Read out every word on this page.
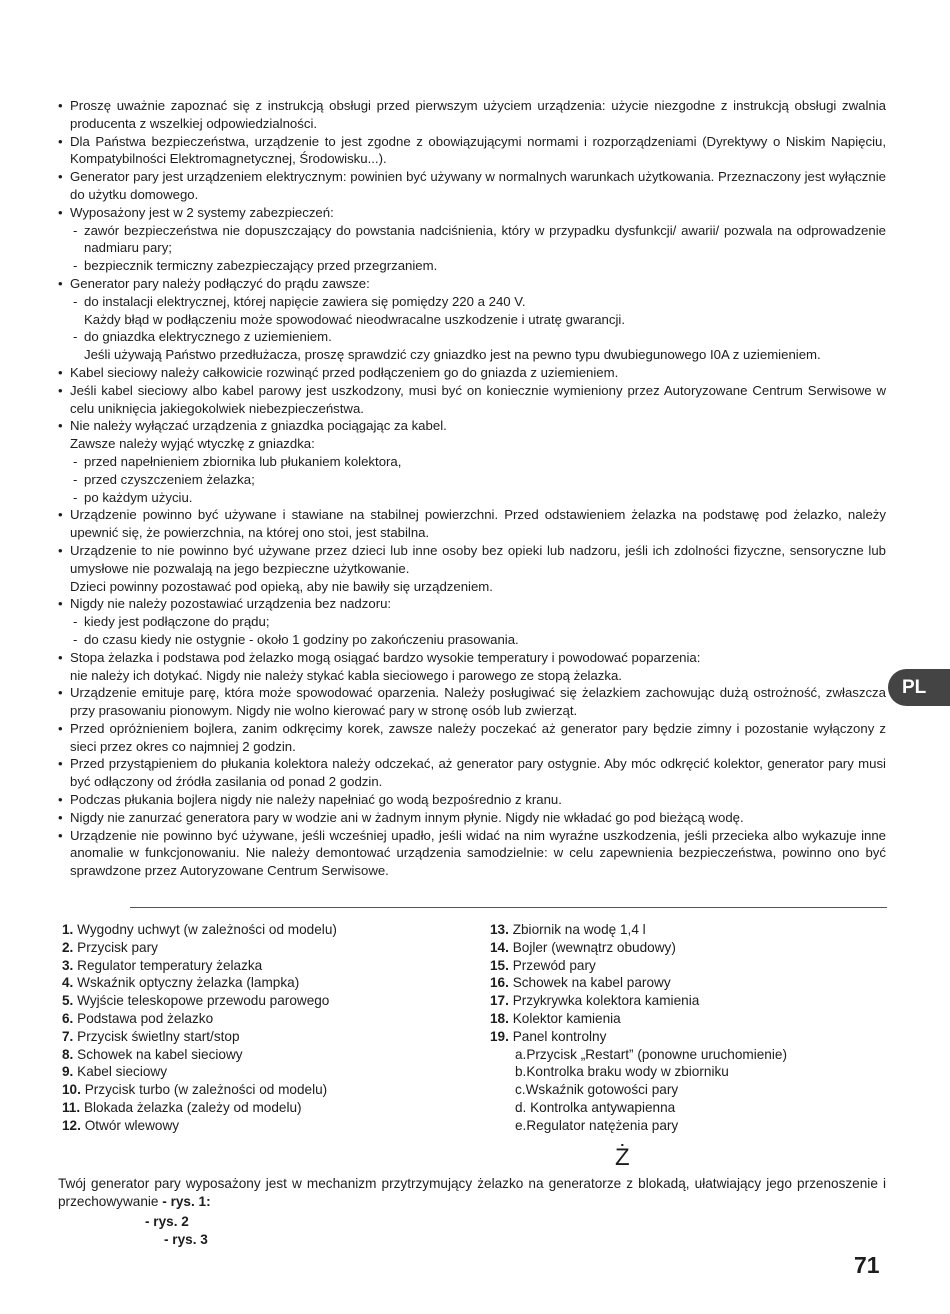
• Proszę uważnie zapoznać się z instrukcją obsługi przed pierwszym użyciem urządzenia: użycie niezgodne z instrukcją obsługi zwalnia producenta z wszelkiej odpowiedzialności.

• Dla Państwa bezpieczeństwa, urządzenie to jest zgodne z obowiązującymi normami i rozporządzeniami (Dyrektywy o Niskim Napięciu, Kompatybilności Elektromagnetycznej, Środowisku...).

• Generator pary jest urządzeniem elektrycznym: powinien być używany w normalnych warunkach użytkowania. Przeznaczony jest wyłącznie do użytku domowego.

• Wyposażony jest w 2 systemy zabezpieczeń:

- zawór bezpieczeństwa nie dopuszczający do powstania nadciśnienia, który w przypadku dysfunkcji/ awarii/ pozwala na odprowadzenie nadmiaru pary;

- bezpiecznik termiczny zabezpieczający przed przegrzaniem.

• Generator pary należy podłączyć do prądu zawsze:

- do instalacji elektrycznej, której napięcie zawiera się pomiędzy 220 a 240 V.

Każdy błąd w podłączeniu może spowodować nieodwracalne uszkodzenie i utratę gwarancji.

- do gniazdka elektrycznego z uziemieniem.

Jeśli używają Państwo przedłużacza, proszę sprawdzić czy gniazdko jest na pewno typu dwubiegunowego I0A z uziemieniem.

• Kabel sieciowy należy całkowicie rozwinąć przed podłączeniem go do gniazda z uziemieniem.

• Jeśli kabel sieciowy albo kabel parowy jest uszkodzony, musi być on koniecznie wymieniony przez Autoryzowane Centrum Serwisowe w celu uniknięcia jakiegokolwiek niebezpieczeństwa.

• Nie należy wyłączać urządzenia z gniazdka pociągając za kabel.

Zawsze należy wyjąć wtyczkę z gniazdka:

- przed napełnieniem zbiornika lub płukaniem kolektora,

- przed czyszczeniem żelazka;

- po każdym użyciu.

• Urządzenie powinno być używane i stawiane na stabilnej powierzchni. Przed odstawieniem żelazka na podstawę pod żelazko, należy upewnić się, że powierzchnia, na której ono stoi, jest stabilna.

• Urządzenie to nie powinno być używane przez dzieci lub inne osoby bez opieki lub nadzoru, jeśli ich zdolności fizyczne, sensoryczne lub umysłowe nie pozwalają na jego bezpieczne użytkowanie.

Dzieci powinny pozostawać pod opieką, aby nie bawiły się urządzeniem.

• Nigdy nie należy pozostawiać urządzenia bez nadzoru:

- kiedy jest podłączone do prądu;

- do czasu kiedy nie ostygnie - około 1 godziny po zakończeniu prasowania.

• Stopa żelazka i podstawa pod żelazko mogą osiągać bardzo wysokie temperatury i powodować poparzenia:

nie należy ich dotykać. Nigdy nie należy stykać kabla sieciowego i parowego ze stopą żelazka.

• Urządzenie emituje parę, która może spowodować oparzenia. Należy posługiwać się żelazkiem zachowując dużą ostrożność, zwłaszcza przy prasowaniu pionowym. Nigdy nie wolno kierować pary w stronę osób lub zwierząt.

• Przed opróżnieniem bojlera, zanim odkręcimy korek, zawsze należy poczekać aż generator pary będzie zimny i pozostanie wyłączony z sieci przez okres co najmniej 2 godzin.

• Przed przystąpieniem do płukania kolektora należy odczekać, aż generator pary ostygnie. Aby móc odkręcić kolektor, generator pary musi być odłączony od źródła zasilania od ponad 2 godzin.

• Podczas płukania bojlera nigdy nie należy napełniać go wodą bezpośrednio z kranu.

• Nigdy nie zanurzać generatora pary w wodzie ani w żadnym innym płynie. Nigdy nie wkładać go pod bieżącą wodę.

• Urządzenie nie powinno być używane, jeśli wcześniej upadło, jeśli widać na nim wyraźne uszkodzenia, jeśli przecieka albo wykazuje inne anomalie w funkcjonowaniu. Nie należy demontować urządzenia samodzielnie: w celu zapewnienia bezpieczeństwa, powinno ono być sprawdzone przez Autoryzowane Centrum Serwisowe.

1. Wygodny uchwyt (w zależności od modelu)

2. Przycisk pary

3. Regulator temperatury żelazka

4. Wskaźnik optyczny żelazka (lampka)

5. Wyjście teleskopowe przewodu parowego

6. Podstawa pod żelazko

7. Przycisk świetlny start/stop

8. Schowek na kabel sieciowy

9. Kabel sieciowy

10. Przycisk turbo (w zależności od modelu)

11. Blokada żelazka (zależy od modelu)

12. Otwór wlewowy

13. Zbiornik na wodę 1,4 l

14. Bojler (wewnątrz obudowy)

15. Przewód pary

16. Schowek na kabel parowy

17. Przykrywka kolektora kamienia

18. Kolektor kamienia

19. Panel kontrolny

a.Przycisk „Restart” (ponowne uruchomienie)

b.Kontrolka braku wody w zbiorniku

c.Wskaźnik gotowości pary

d. Kontrolka antywapienna

e.Regulator natężenia pary

Ż
Twój generator pary wyposażony jest w mechanizm przytrzymujący żelazko na generatorze z blokadą, ułatwiający jego przenoszenie i przechowywanie - rys. 1:
- rys. 2
- rys. 3
PL
71
